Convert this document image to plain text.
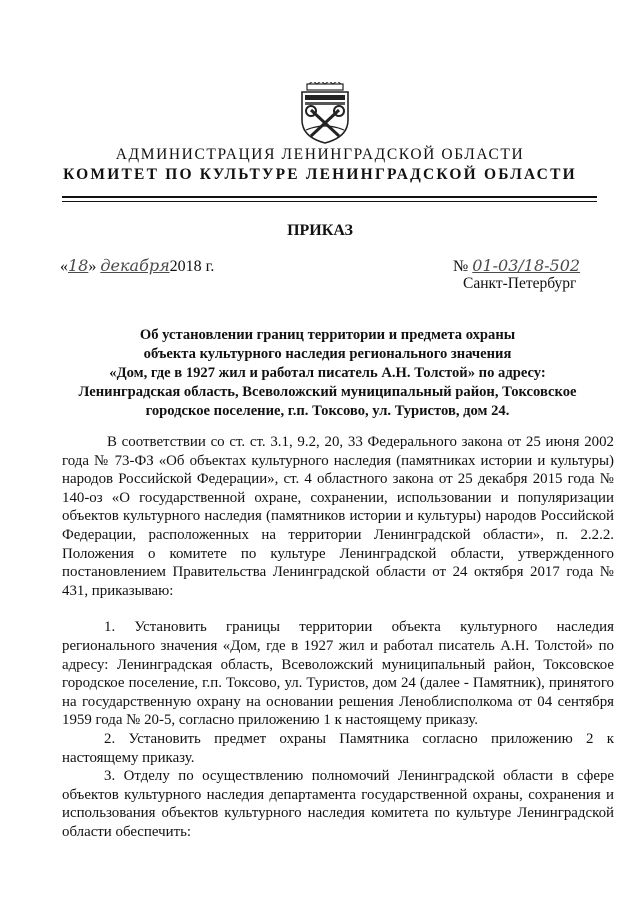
АДМИНИСТРАЦИЯ ЛЕНИНГРАДСКОЙ ОБЛАСТИ
КОМИТЕТ ПО КУЛЬТУРЕ ЛЕНИНГРАДСКОЙ ОБЛАСТИ
ПРИКАЗ
«18» декабря2018 г.	№ 01-03/18-502
Санкт-Петербург
Об установлении границ территории и предмета охраны
объекта культурного наследия регионального значения
«Дом, где в 1927 жил и работал писатель А.Н. Толстой» по адресу:
Ленинградская область, Всеволожский муниципальный район, Токсовское
городское поселение, г.п. Токсово, ул. Туристов, дом 24.

В соответствии со ст. ст. 3.1, 9.2, 20, 33 Федерального закона от 25 июня 2002 года № 73-ФЗ «Об объектах культурного наследия (памятниках истории и культуры) народов Российской Федерации», ст. 4 областного закона от 25 декабря 2015 года № 140-оз «О государственной охране, сохранении, использовании и популяризации объектов культурного наследия (памятников истории и культуры) народов Российской Федерации, расположенных на территории Ленинградской области», п. 2.2.2. Положения о комитете по культуре Ленинградской области, утвержденного постановлением Правительства Ленинградской области от 24 октября 2017 года № 431, приказываю:

1. Установить границы территории объекта культурного наследия регионального значения «Дом, где в 1927 жил и работал писатель А.Н. Толстой» по адресу: Ленинградская область, Всеволожский муниципальный район, Токсовское городское поселение, г.п. Токсово, ул. Туристов, дом 24 (далее - Памятник), принятого на государственную охрану на основании решения Леноблисполкома от 04 сентября 1959 года № 20-5, согласно приложению 1 к настоящему приказу.

2. Установить предмет охраны Памятника согласно приложению 2 к настоящему приказу.

3. Отделу по осуществлению полномочий Ленинградской области в сфере объектов культурного наследия департамента государственной охраны, сохранения и использования объектов культурного наследия комитета по культуре Ленинградской области обеспечить:
